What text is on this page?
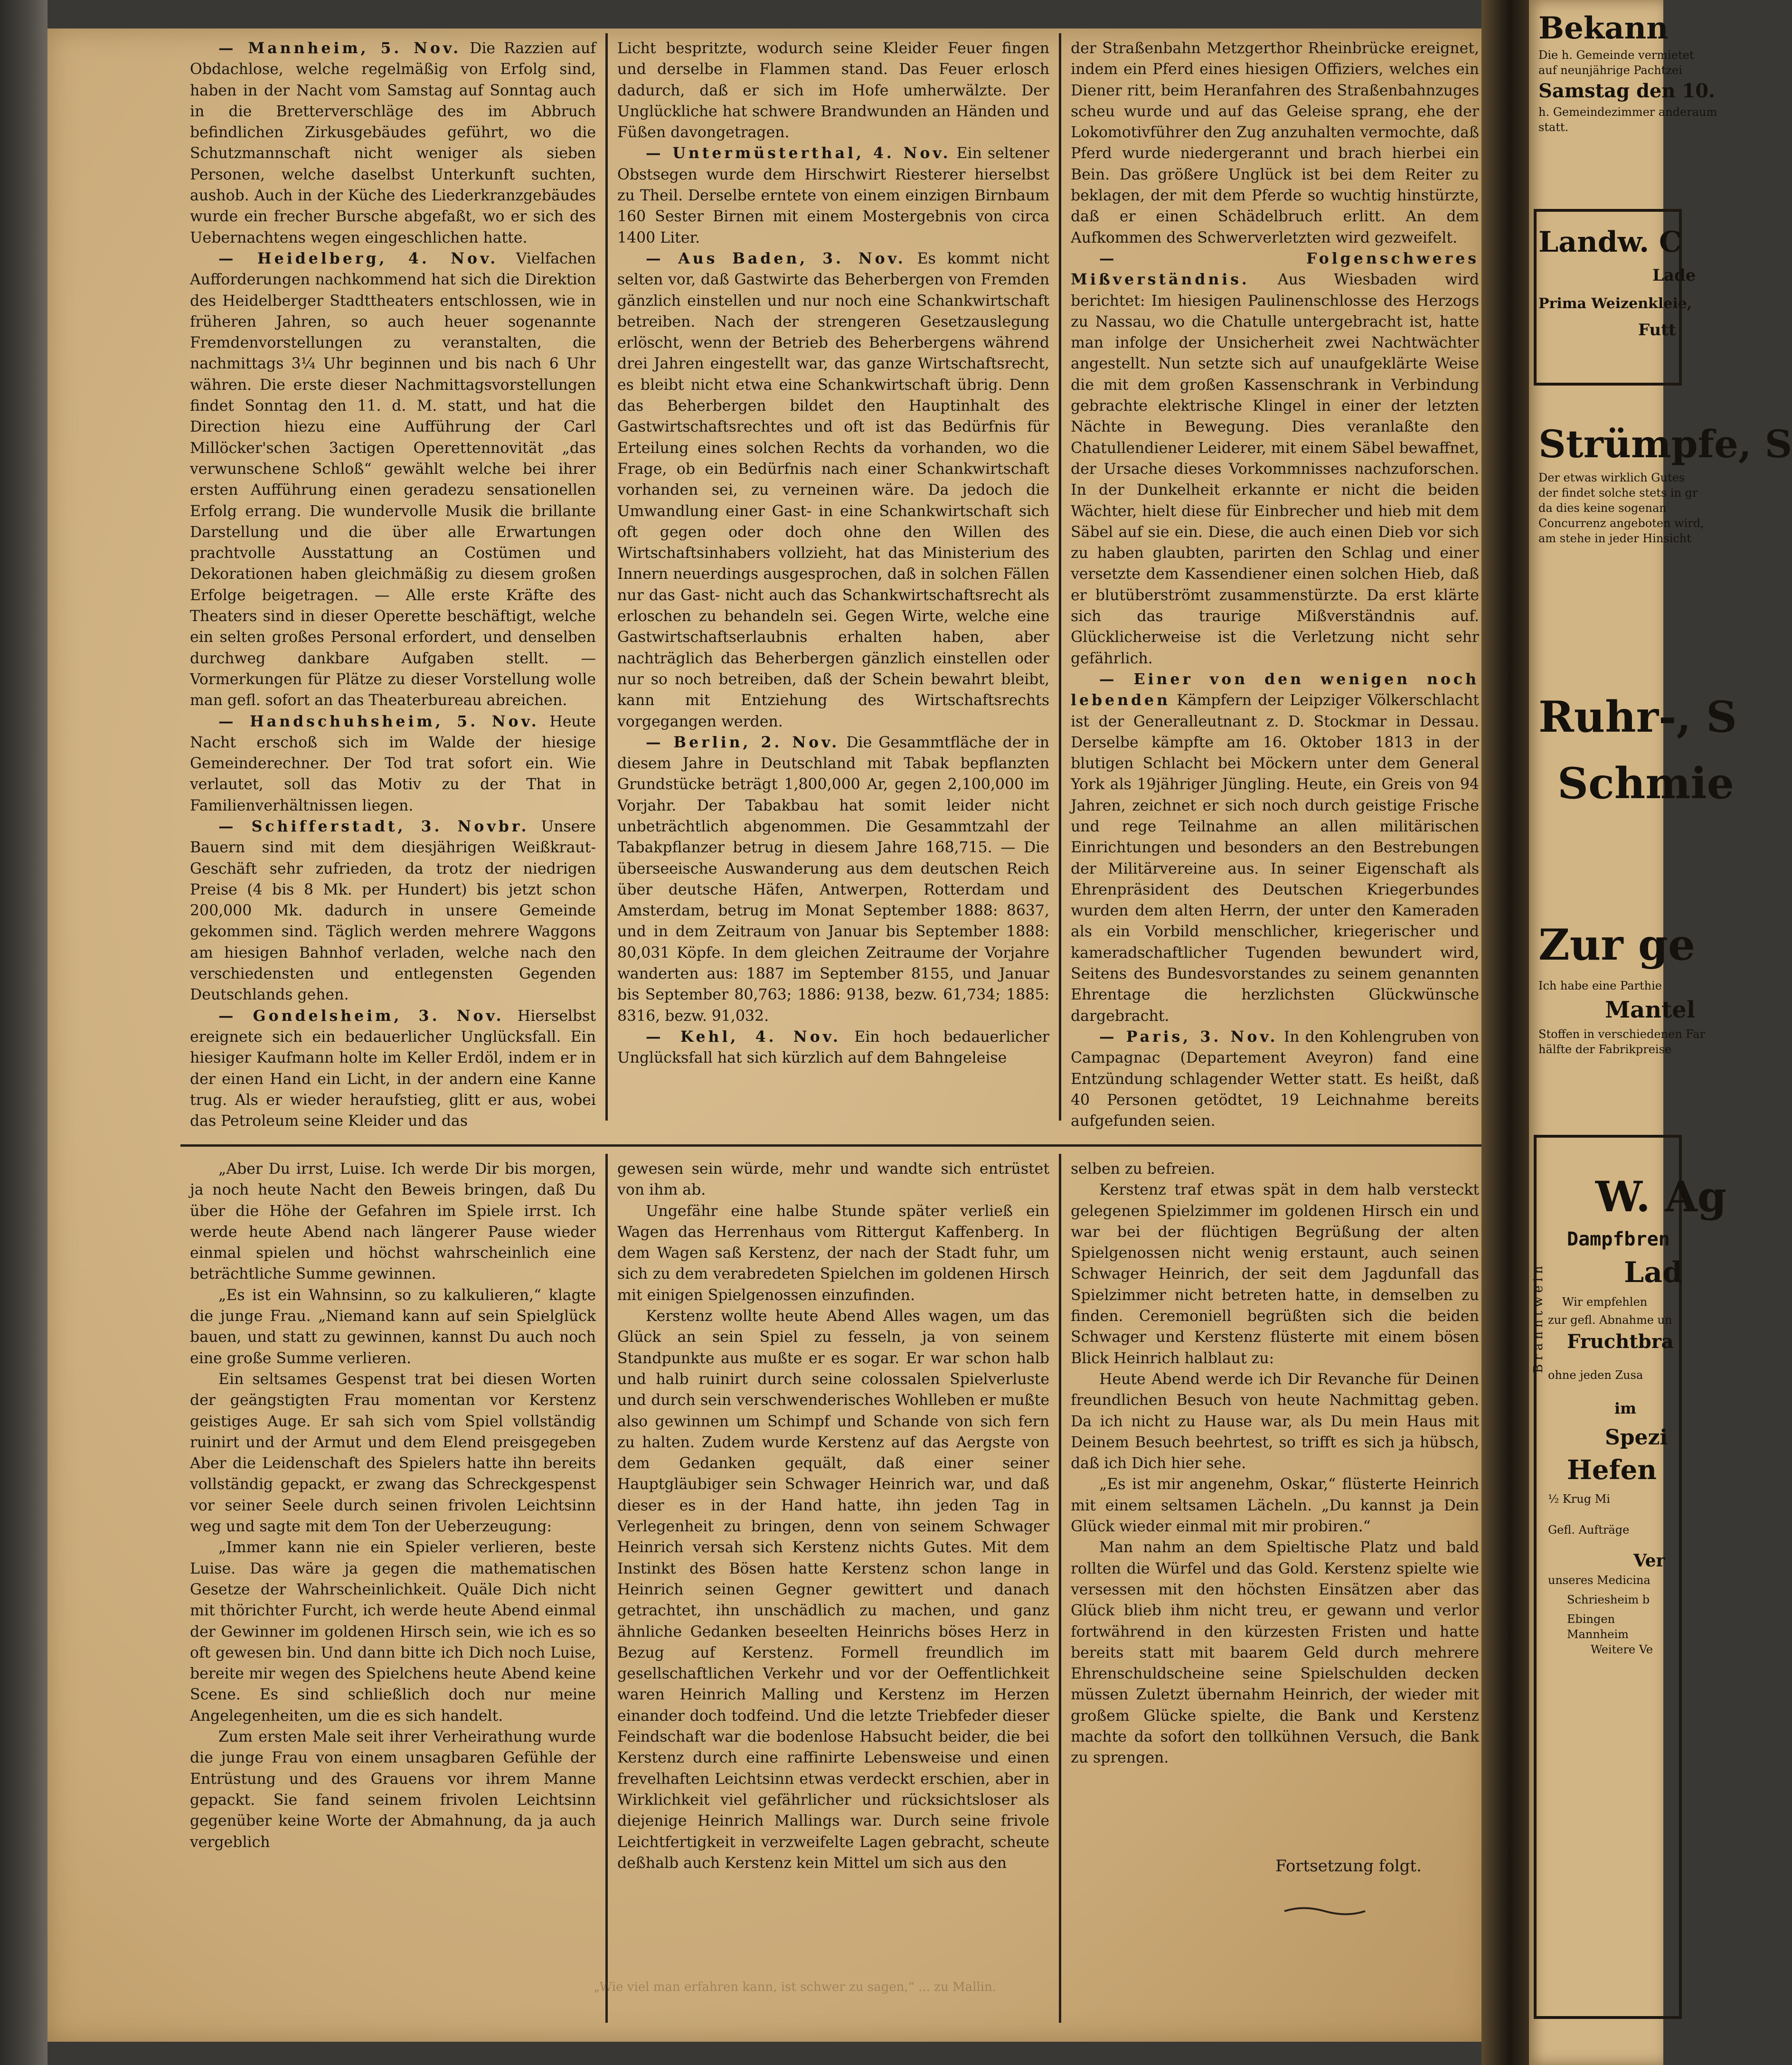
— Mannheim, 5. Nov. Die Razzien auf Obdachlose, welche regelmäßig von Erfolg sind, haben in der Nacht vom Samstag auf Sonntag auch in die Bretterverschläge des im Abbruch befindlichen Zirkusgebäudes geführt, wo die Schutzmannschaft nicht weniger als sieben Personen, welche daselbst Unterkunft suchten, aushob. Auch in der Küche des Liederkranzgebäudes wurde ein frecher Bursche abgefaßt, wo er sich des Uebernachtens wegen eingeschlichen hatte.

— Heidelberg, 4. Nov. Vielfachen Aufforderungen nachkommend hat sich die Direktion des Heidelberger Stadttheaters entschlossen, wie in früheren Jahren, so auch heuer sogenannte Fremdenvorstellungen zu veranstalten, die nachmittags 3¼ Uhr beginnen und bis nach 6 Uhr währen. Die erste dieser Nachmittagsvorstellungen findet Sonntag den 11. d. M. statt, und hat die Direction hiezu eine Aufführung der Carl Millöcker'schen 3actigen Operettennovität „das verwunschene Schloß“ gewählt welche bei ihrer ersten Aufführung einen geradezu sensationellen Erfolg errang. Die wundervolle Musik die brillante Darstellung und die über alle Erwartungen prachtvolle Ausstattung an Costümen und Dekorationen haben gleichmäßig zu diesem großen Erfolge beigetragen. — Alle erste Kräfte des Theaters sind in dieser Operette beschäftigt, welche ein selten großes Personal erfordert, und denselben durchweg dankbare Aufgaben stellt. — Vormerkungen für Plätze zu dieser Vorstellung wolle man gefl. sofort an das Theaterbureau abreichen.

— Handschuhsheim, 5. Nov. Heute Nacht erschoß sich im Walde der hiesige Gemeinderechner. Der Tod trat sofort ein. Wie verlautet, soll das Motiv zu der That in Familienverhältnissen liegen.

— Schifferstadt, 3. Novbr. Unsere Bauern sind mit dem diesjährigen Weißkraut-Geschäft sehr zufrieden, da trotz der niedrigen Preise (4 bis 8 Mk. per Hundert) bis jetzt schon 200,000 Mk. dadurch in unsere Gemeinde gekommen sind. Täglich werden mehrere Waggons am hiesigen Bahnhof verladen, welche nach den verschiedensten und entlegensten Gegenden Deutschlands gehen.

— Gondelsheim, 3. Nov. Hierselbst ereignete sich ein bedauerlicher Unglücksfall. Ein hiesiger Kaufmann holte im Keller Erdöl, indem er in der einen Hand ein Licht, in der andern eine Kanne trug. Als er wieder heraufstieg, glitt er aus, wobei das Petroleum seine Kleider und das

Licht bespritzte, wodurch seine Kleider Feuer fingen und derselbe in Flammen stand. Das Feuer erlosch dadurch, daß er sich im Hofe umherwälzte. Der Unglückliche hat schwere Brandwunden an Händen und Füßen davongetragen.

— Untermüsterthal, 4. Nov. Ein seltener Obstsegen wurde dem Hirschwirt Riesterer hierselbst zu Theil. Derselbe erntete von einem einzigen Birnbaum 160 Sester Birnen mit einem Mostergebnis von circa 1400 Liter.

— Aus Baden, 3. Nov. Es kommt nicht selten vor, daß Gastwirte das Beherbergen von Fremden gänzlich einstellen und nur noch eine Schankwirtschaft betreiben. Nach der strengeren Gesetzauslegung erlöscht, wenn der Betrieb des Beherbergens während drei Jahren eingestellt war, das ganze Wirtschaftsrecht, es bleibt nicht etwa eine Schankwirtschaft übrig. Denn das Beherbergen bildet den Hauptinhalt des Gastwirtschaftsrechtes und oft ist das Bedürfnis für Erteilung eines solchen Rechts da vorhanden, wo die Frage, ob ein Bedürfnis nach einer Schankwirtschaft vorhanden sei, zu verneinen wäre. Da jedoch die Umwandlung einer Gast- in eine Schankwirtschaft sich oft gegen oder doch ohne den Willen des Wirtschaftsinhabers vollzieht, hat das Ministerium des Innern neuerdings ausgesprochen, daß in solchen Fällen nur das Gast- nicht auch das Schankwirtschaftsrecht als erloschen zu behandeln sei. Gegen Wirte, welche eine Gastwirtschaftserlaubnis erhalten haben, aber nachträglich das Beherbergen gänzlich einstellen oder nur so noch betreiben, daß der Schein bewahrt bleibt, kann mit Entziehung des Wirtschaftsrechts vorgegangen werden.

— Berlin, 2. Nov. Die Gesammtfläche der in diesem Jahre in Deutschland mit Tabak bepflanzten Grundstücke beträgt 1,800,000 Ar, gegen 2,100,000 im Vorjahr. Der Tabakbau hat somit leider nicht unbeträchtlich abgenommen. Die Gesammtzahl der Tabakpflanzer betrug in diesem Jahre 168,715. — Die überseeische Auswanderung aus dem deutschen Reich über deutsche Häfen, Antwerpen, Rotterdam und Amsterdam, betrug im Monat September 1888: 8637, und in dem Zeitraum von Januar bis September 1888: 80,031 Köpfe. In dem gleichen Zeitraume der Vorjahre wanderten aus: 1887 im September 8155, und Januar bis September 80,763; 1886: 9138, bezw. 61,734; 1885: 8316, bezw. 91,032.

— Kehl, 4. Nov. Ein hoch bedauerlicher Unglücksfall hat sich kürzlich auf dem Bahngeleise

der Straßenbahn Metzgerthor Rheinbrücke ereignet, indem ein Pferd eines hiesigen Offiziers, welches ein Diener ritt, beim Heranfahren des Straßenbahnzuges scheu wurde und auf das Geleise sprang, ehe der Lokomotivführer den Zug anzuhalten vermochte, daß Pferd wurde niedergerannt und brach hierbei ein Bein. Das größere Unglück ist bei dem Reiter zu beklagen, der mit dem Pferde so wuchtig hinstürzte, daß er einen Schädelbruch erlitt. An dem Aufkommen des Schwerverletzten wird gezweifelt.

— Folgenschweres Mißverständnis. Aus Wiesbaden wird berichtet: Im hiesigen Paulinenschlosse des Herzogs zu Nassau, wo die Chatulle untergebracht ist, hatte man infolge der Unsicherheit zwei Nachtwächter angestellt. Nun setzte sich auf unaufgeklärte Weise die mit dem großen Kassenschrank in Verbindung gebrachte elektrische Klingel in einer der letzten Nächte in Bewegung. Dies veranlaßte den Chatullendiener Leiderer, mit einem Säbel bewaffnet, der Ursache dieses Vorkommnisses nachzuforschen. In der Dunkelheit erkannte er nicht die beiden Wächter, hielt diese für Einbrecher und hieb mit dem Säbel auf sie ein. Diese, die auch einen Dieb vor sich zu haben glaubten, parirten den Schlag und einer versetzte dem Kassendiener einen solchen Hieb, daß er blutüberströmt zusammenstürzte. Da erst klärte sich das traurige Mißverständnis auf. Glücklicherweise ist die Verletzung nicht sehr gefährlich.

— Einer von den wenigen noch lebenden Kämpfern der Leipziger Völkerschlacht ist der Generalleutnant z. D. Stockmar in Dessau. Derselbe kämpfte am 16. Oktober 1813 in der blutigen Schlacht bei Möckern unter dem General York als 19jähriger Jüngling. Heute, ein Greis von 94 Jahren, zeichnet er sich noch durch geistige Frische und rege Teilnahme an allen militärischen Einrichtungen und besonders an den Bestrebungen der Militärvereine aus. In seiner Eigenschaft als Ehrenpräsident des Deutschen Kriegerbundes wurden dem alten Herrn, der unter den Kameraden als ein Vorbild menschlicher, kriegerischer und kameradschaftlicher Tugenden bewundert wird, Seitens des Bundesvorstandes zu seinem genannten Ehrentage die herzlichsten Glückwünsche dargebracht.

— Paris, 3. Nov. In den Kohlengruben von Campagnac (Departement Aveyron) fand eine Entzündung schlagender Wetter statt. Es heißt, daß 40 Personen getödtet, 19 Leichnahme bereits aufgefunden seien.

„Aber Du irrst, Luise. Ich werde Dir bis morgen, ja noch heute Nacht den Beweis bringen, daß Du über die Höhe der Gefahren im Spiele irrst. Ich werde heute Abend nach längerer Pause wieder einmal spielen und höchst wahrscheinlich eine beträchtliche Summe gewinnen.

„Es ist ein Wahnsinn, so zu kalkulieren,“ klagte die junge Frau. „Niemand kann auf sein Spielglück bauen, und statt zu gewinnen, kannst Du auch noch eine große Summe verlieren.

Ein seltsames Gespenst trat bei diesen Worten der geängstigten Frau momentan vor Kerstenz geistiges Auge. Er sah sich vom Spiel vollständig ruinirt und der Armut und dem Elend preisgegeben Aber die Leidenschaft des Spielers hatte ihn bereits vollständig gepackt, er zwang das Schreckgespenst vor seiner Seele durch seinen frivolen Leichtsinn weg und sagte mit dem Ton der Ueberzeugung:

„Immer kann nie ein Spieler verlieren, beste Luise. Das wäre ja gegen die mathematischen Gesetze der Wahrscheinlichkeit. Quäle Dich nicht mit thörichter Furcht, ich werde heute Abend einmal der Gewinner im goldenen Hirsch sein, wie ich es so oft gewesen bin. Und dann bitte ich Dich noch Luise, bereite mir wegen des Spielchens heute Abend keine Scene. Es sind schließlich doch nur meine Angelegenheiten, um die es sich handelt.

Zum ersten Male seit ihrer Verheirathung wurde die junge Frau von einem unsagbaren Gefühle der Entrüstung und des Grauens vor ihrem Manne gepackt. Sie fand seinem frivolen Leichtsinn gegenüber keine Worte der Abmahnung, da ja auch vergeblich

gewesen sein würde, mehr und wandte sich entrüstet von ihm ab.

Ungefähr eine halbe Stunde später verließ ein Wagen das Herrenhaus vom Rittergut Kaffenberg. In dem Wagen saß Kerstenz, der nach der Stadt fuhr, um sich zu dem verabredeten Spielchen im goldenen Hirsch mit einigen Spielgenossen einzufinden.

Kerstenz wollte heute Abend Alles wagen, um das Glück an sein Spiel zu fesseln, ja von seinem Standpunkte aus mußte er es sogar. Er war schon halb und halb ruinirt durch seine colossalen Spielverluste und durch sein verschwenderisches Wohlleben er mußte also gewinnen um Schimpf und Schande von sich fern zu halten. Zudem wurde Kerstenz auf das Aergste von dem Gedanken gequält, daß einer seiner Hauptgläubiger sein Schwager Heinrich war, und daß dieser es in der Hand hatte, ihn jeden Tag in Verlegenheit zu bringen, denn von seinem Schwager Heinrich versah sich Kerstenz nichts Gutes. Mit dem Instinkt des Bösen hatte Kerstenz schon lange in Heinrich seinen Gegner gewittert und danach getrachtet, ihn unschädlich zu machen, und ganz ähnliche Gedanken beseelten Heinrichs böses Herz in Bezug auf Kerstenz. Formell freundlich im gesellschaftlichen Verkehr und vor der Oeffentlichkeit waren Heinrich Malling und Kerstenz im Herzen einander doch todfeind. Und die letzte Triebfeder dieser Feindschaft war die bodenlose Habsucht beider, die bei Kerstenz durch eine raffinirte Lebensweise und einen frevelhaften Leichtsinn etwas verdeckt erschien, aber in Wirklichkeit viel gefährlicher und rücksichtsloser als diejenige Heinrich Mallings war. Durch seine frivole Leichtfertigkeit in verzweifelte Lagen gebracht, scheute deßhalb auch Kerstenz kein Mittel um sich aus den

selben zu befreien.

Kerstenz traf etwas spät in dem halb versteckt gelegenen Spielzimmer im goldenen Hirsch ein und war bei der flüchtigen Begrüßung der alten Spielgenossen nicht wenig erstaunt, auch seinen Schwager Heinrich, der seit dem Jagdunfall das Spielzimmer nicht betreten hatte, in demselben zu finden. Ceremoniell begrüßten sich die beiden Schwager und Kerstenz flüsterte mit einem bösen Blick Heinrich halblaut zu:

Heute Abend werde ich Dir Revanche für Deinen freundlichen Besuch von heute Nachmittag geben. Da ich nicht zu Hause war, als Du mein Haus mit Deinem Besuch beehrtest, so trifft es sich ja hübsch, daß ich Dich hier sehe.

„Es ist mir angenehm, Oskar,“ flüsterte Heinrich mit einem seltsamen Lächeln. „Du kannst ja Dein Glück wieder einmal mit mir probiren.“

Man nahm an dem Spieltische Platz und bald rollten die Würfel und das Gold. Kerstenz spielte wie versessen mit den höchsten Einsätzen aber das Glück blieb ihm nicht treu, er gewann und verlor fortwährend in den kürzesten Fristen und hatte bereits statt mit baarem Geld durch mehrere Ehrenschuldscheine seine Spielschulden decken müssen Zuletzt übernahm Heinrich, der wieder mit großem Glücke spielte, die Bank und Kerstenz machte da sofort den tollkühnen Versuch, die Bank zu sprengen.

Fortsetzung folgt.
„Wie viel man erfahren kann, ist schwer zu sagen,“ ... zu Mallin.
Bekann
Die h. Gemeinde vermietet
auf neunjährige Pachtzei
Samstag den 10.
h. Gemeindezimmer anderaum
statt.
Landw. C
Lade
Prima Weizenkleie,
Futt
Strümpfe, S
Der etwas wirklich Gutes
der findet solche stets in gr
da dies keine sogenan
Concurrenz angeboten wird,
am stehe in jeder Hinsicht
Ruhr-, S
Schmie
Zur ge
Ich habe eine Parthie
Mantel
Stoffen in verschiedenen Far
hälfte der Fabrikpreise
Branntwein
W. Ag
Dampfbren
Lad
Wir empfehlen
zur gefl. Abnahme un
Fruchtbra
ohne jeden Zusa
im
Spezi
Hefen
½ Krug Mi
Gefl. Aufträge
Ver
unseres Medicina
Schriesheim b
Ebingen
Mannheim
Weitere Ve
